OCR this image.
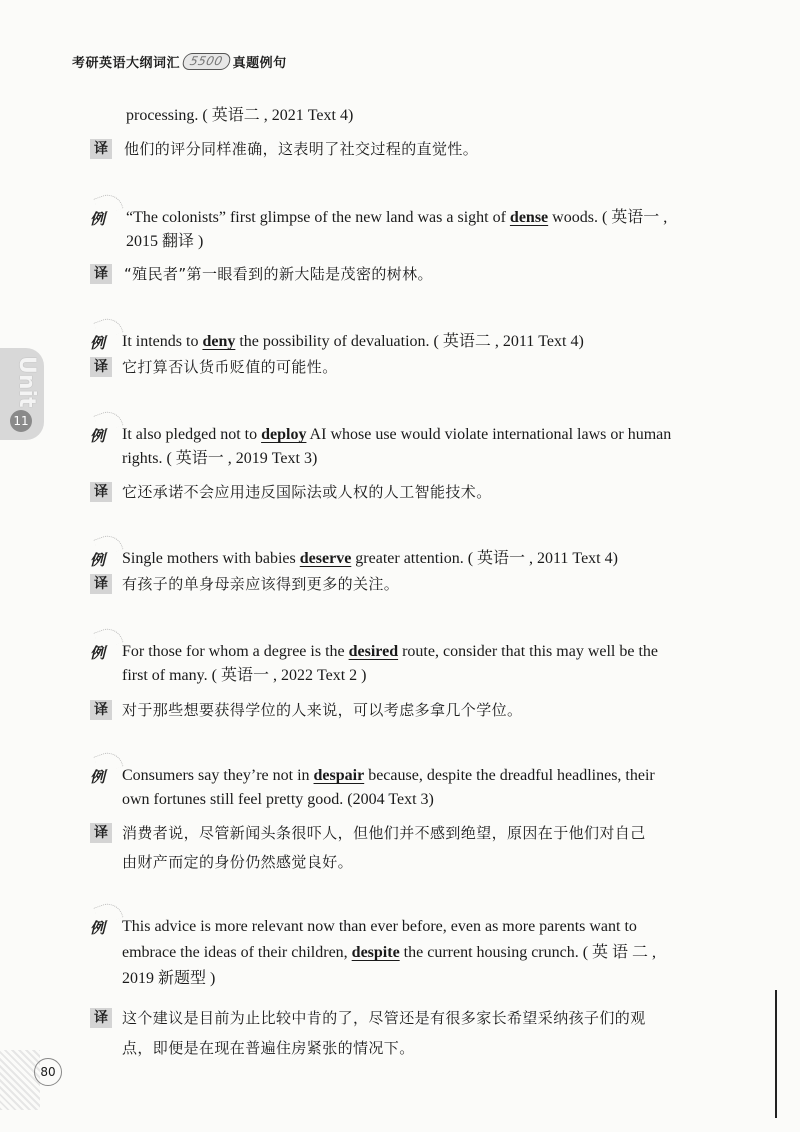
考研英语大纲词汇 5500 真题例句
Unit
11
processing. ( 英语二 , 2021 Text 4)
译 他们的评分同样准确，这表明了社交过程的直觉性。
例 “The colonists” first glimpse of the new land was a sight of dense woods. ( 英语一 ,
2015 翻译 )
译 “殖民者”第一眼看到的新大陆是茂密的树林。
例 It intends to deny the possibility of devaluation. ( 英语二 , 2011 Text 4)
译 它打算否认货币贬值的可能性。
例 It also pledged not to deploy AI whose use would violate international laws or human
rights. ( 英语一 , 2019 Text 3)
译 它还承诺不会应用违反国际法或人权的人工智能技术。
例 Single mothers with babies deserve greater attention. ( 英语一 , 2011 Text 4)
译 有孩子的单身母亲应该得到更多的关注。
例 For those for whom a degree is the desired route, consider that this may well be the
first of many. ( 英语一 , 2022 Text 2 )
译 对于那些想要获得学位的人来说，可以考虑多拿几个学位。
例 Consumers say they’re not in despair because, despite the dreadful headlines, their
own fortunes still feel pretty good. (2004 Text 3)
译 消费者说，尽管新闻头条很吓人，但他们并不感到绝望，原因在于他们对自己
由财产而定的身份仍然感觉良好。
例 This advice is more relevant now than ever before, even as more parents want to
embrace the ideas of their children, despite the current housing crunch. ( 英 语 二 ,
2019 新题型 )
译 这个建议是目前为止比较中肯的了，尽管还是有很多家长希望采纳孩子们的观
点，即便是在现在普遍住房紧张的情况下。
80
